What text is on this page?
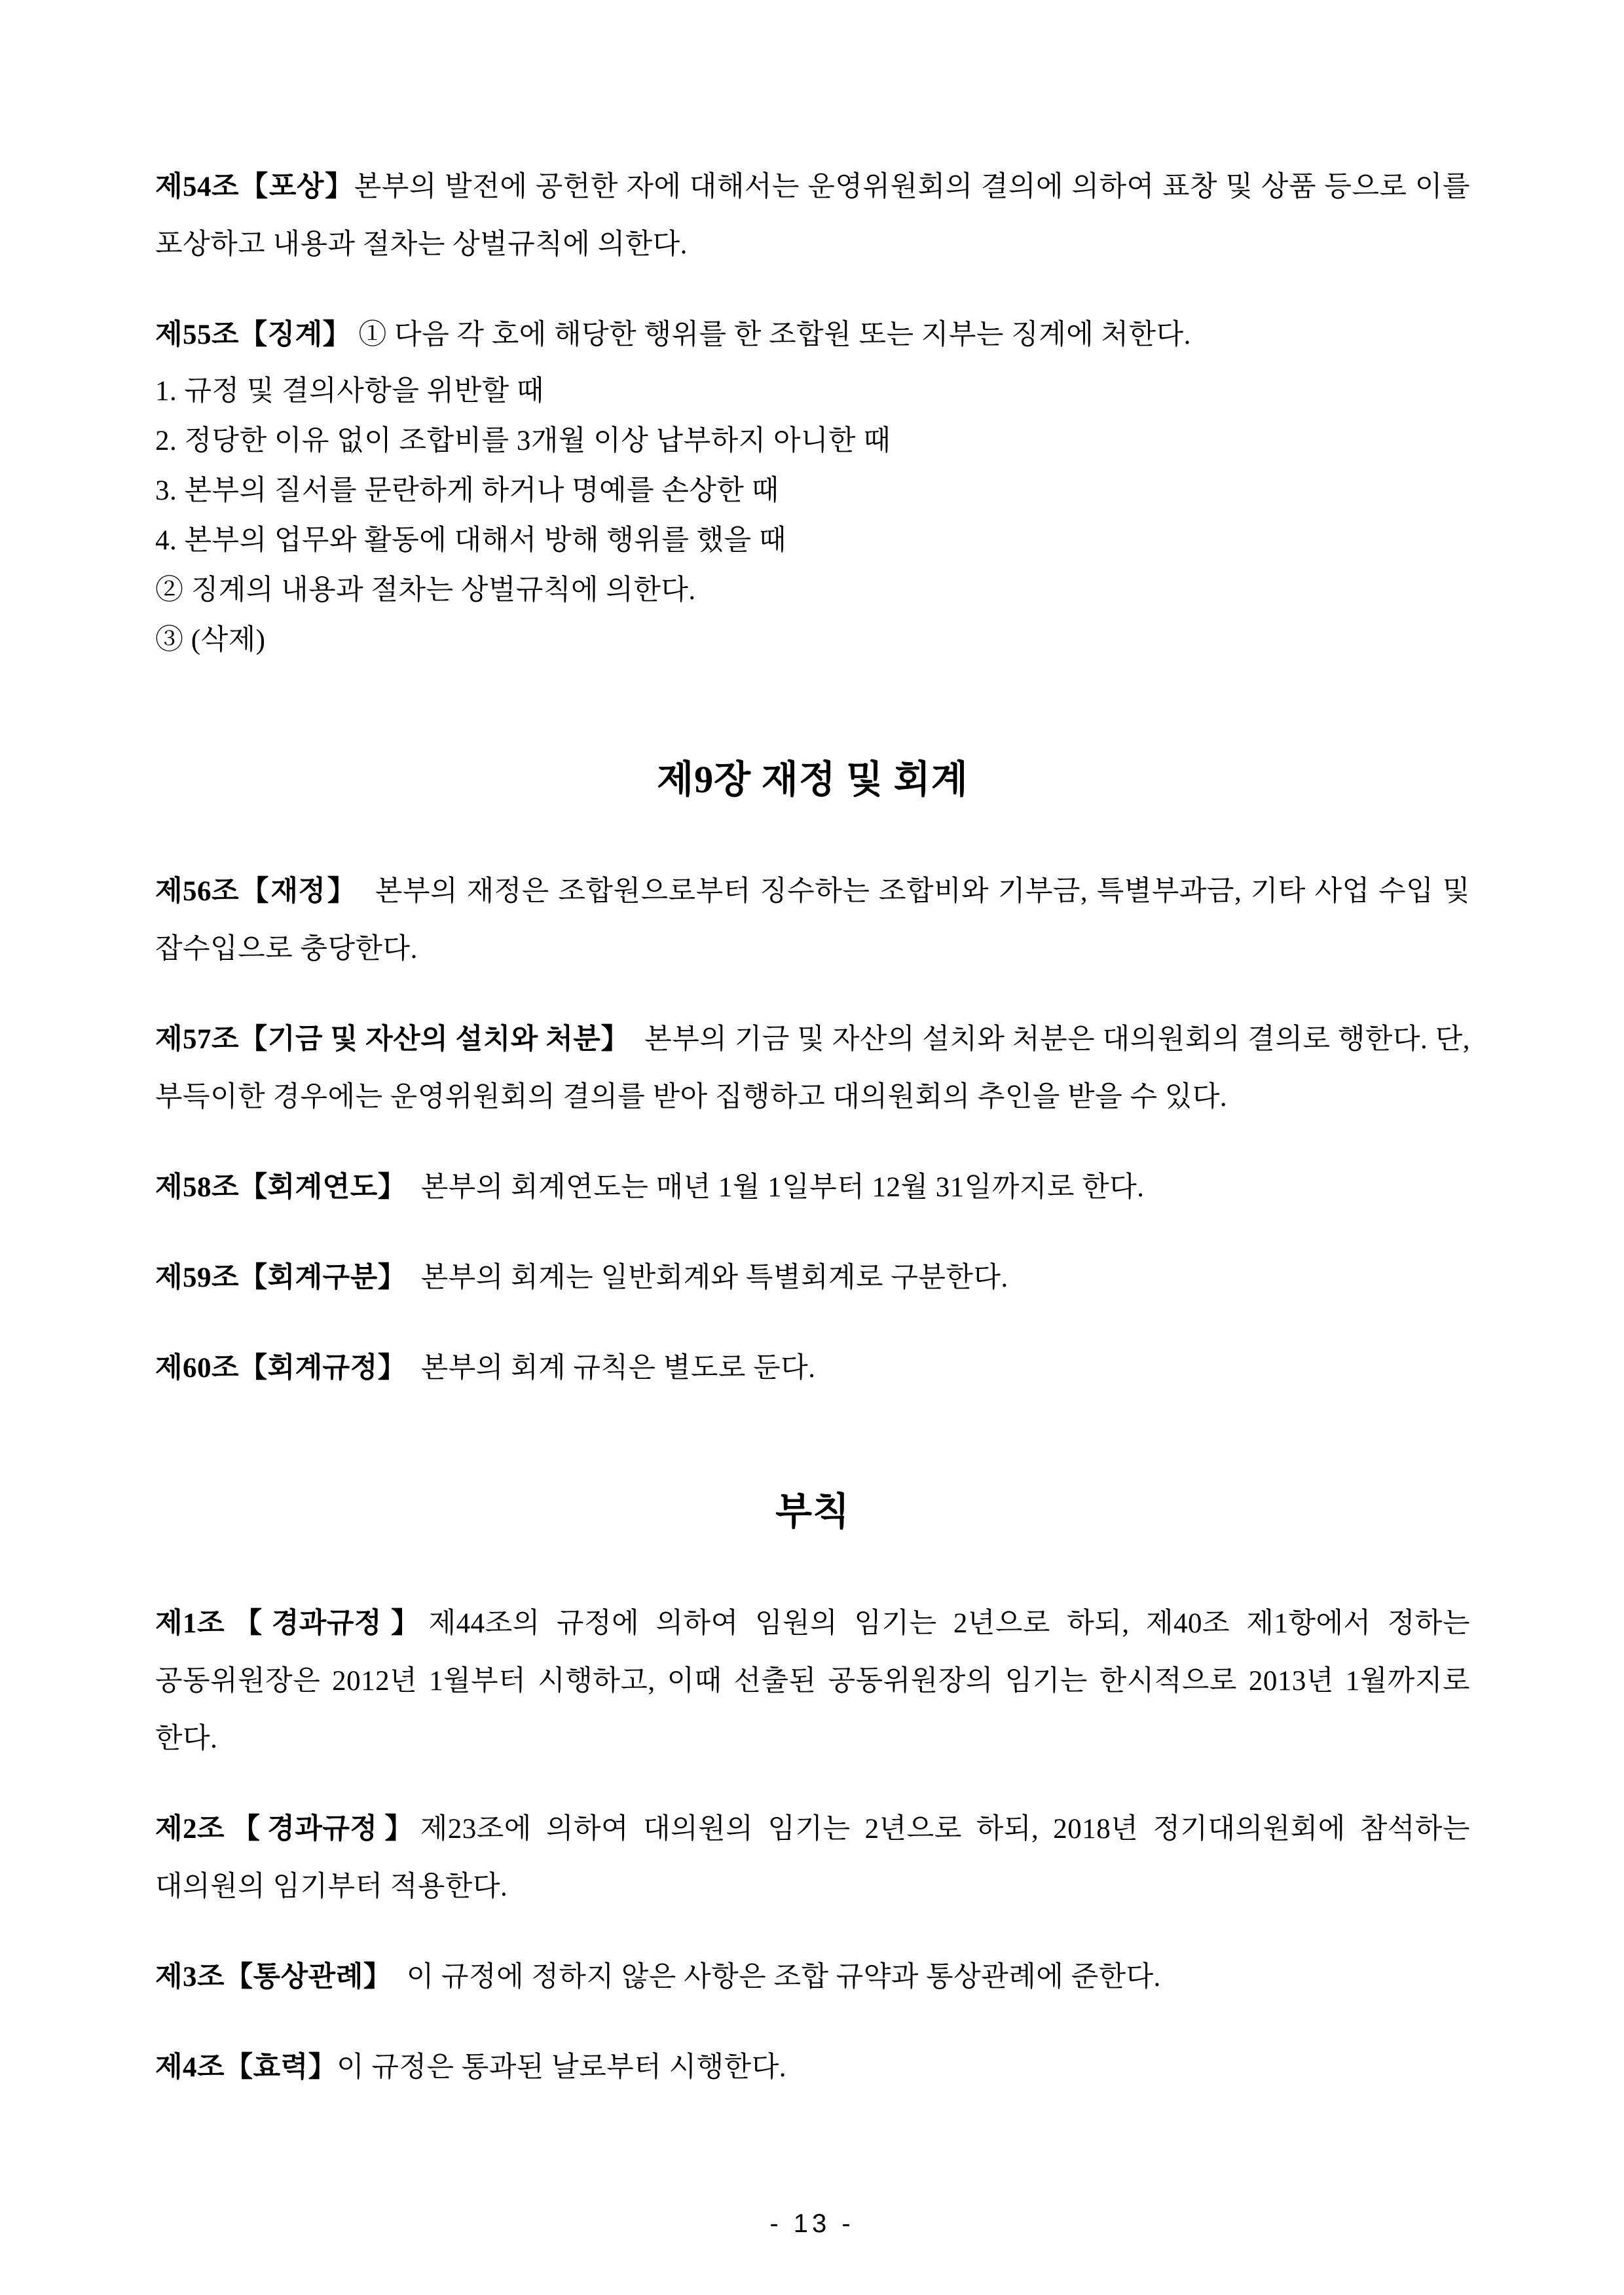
제54조【포상】본부의 발전에 공헌한 자에 대해서는 운영위원회의 결의에 의하여 표창 및 상품 등으로 이를 포상하고 내용과 절차는 상벌규칙에 의한다.

제55조【징계】 ① 다음 각 호에 해당한 행위를 한 조합원 또는 지부는 징계에 처한다.

1. 규정 및 결의사항을 위반할 때
2. 정당한 이유 없이 조합비를 3개월 이상 납부하지 아니한 때
3. 본부의 질서를 문란하게 하거나 명예를 손상한 때
4. 본부의 업무와 활동에 대해서 방해 행위를 했을 때
② 징계의 내용과 절차는 상벌규칙에 의한다.
③ (삭제)
제9장 재정 및 회계

제56조【재정】  본부의 재정은 조합원으로부터 징수하는 조합비와 기부금, 특별부과금, 기타 사업 수입 및 잡수입으로 충당한다.

제57조【기금 및 자산의 설치와 처분】  본부의 기금 및 자산의 설치와 처분은 대의원회의 결의로 행한다. 단, 부득이한 경우에는 운영위원회의 결의를 받아 집행하고 대의원회의 추인을 받을 수 있다.

제58조【회계연도】  본부의 회계연도는 매년 1월 1일부터 12월 31일까지로 한다.

제59조【회계구분】  본부의 회계는 일반회계와 특별회계로 구분한다.

제60조【회계규정】  본부의 회계 규칙은 별도로 둔다.

부칙

제1조【경과규정】제44조의 규정에 의하여 임원의 임기는 2년으로 하되, 제40조 제1항에서 정하는 공동위원장은 2012년 1월부터 시행하고, 이때 선출된 공동위원장의 임기는 한시적으로 2013년 1월까지로 한다.

제2조【경과규정】제23조에 의하여 대의원의 임기는 2년으로 하되, 2018년 정기대의원회에 참석하는 대의원의 임기부터 적용한다.

제3조【통상관례】  이 규정에 정하지 않은 사항은 조합 규약과 통상관례에 준한다.

제4조【효력】이 규정은 통과된 날로부터 시행한다.

- 13 -
